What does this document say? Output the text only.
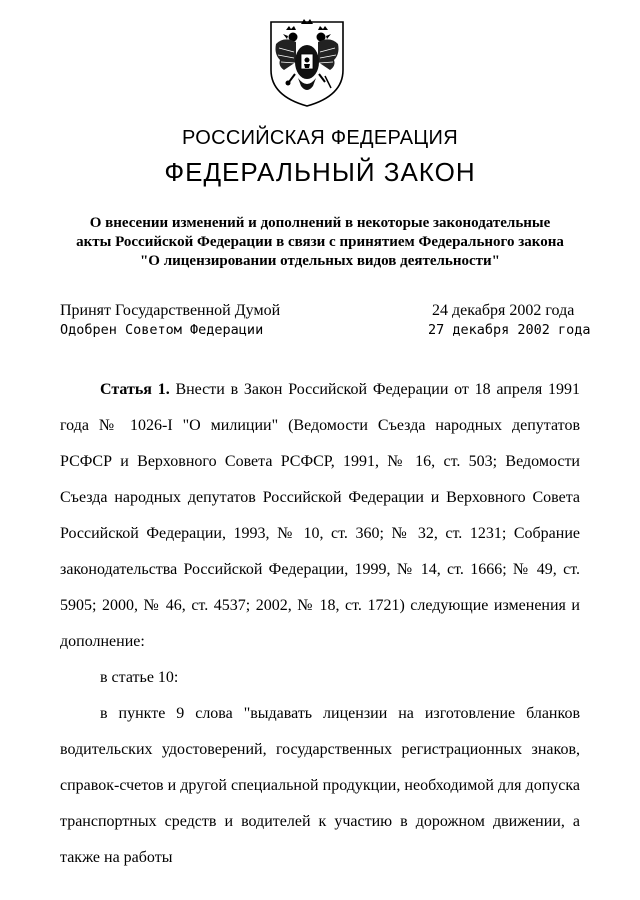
РОССИЙСКАЯ ФЕДЕРАЦИЯ
ФЕДЕРАЛЬНЫЙ ЗАКОН
О внесении изменений и дополнений в некоторые законодательные
акты Российской Федерации в связи с принятием Федерального закона
"О лицензировании отдельных видов деятельности"
Принят Государственной Думой	24 декабря 2002 года
Одобрен Советом Федерации	27 декабря 2002 года

Статья 1. Внести в Закон Российской Федерации от 18 апреля 1991 года № 1026-I "О милиции" (Ведомости Съезда народных депутатов РСФСР и Верховного Совета РСФСР, 1991, № 16, ст. 503; Ведомости Съезда народных депутатов Российской Федерации и Верховного Совета Российской Федерации, 1993, № 10, ст. 360; № 32, ст. 1231; Собрание законодательства Российской Федерации, 1999, № 14, ст. 1666; № 49, ст. 5905; 2000, № 46, ст. 4537; 2002, № 18, ст. 1721) следующие изменения и дополнение:

в статье 10:

в пункте 9 слова "выдавать лицензии на изготовление бланков водительских удостоверений, государственных регистрационных знаков, справок-счетов и другой специальной продукции, необходимой для допуска транспортных средств и водителей к участию в дорожном движении, а также на работы
